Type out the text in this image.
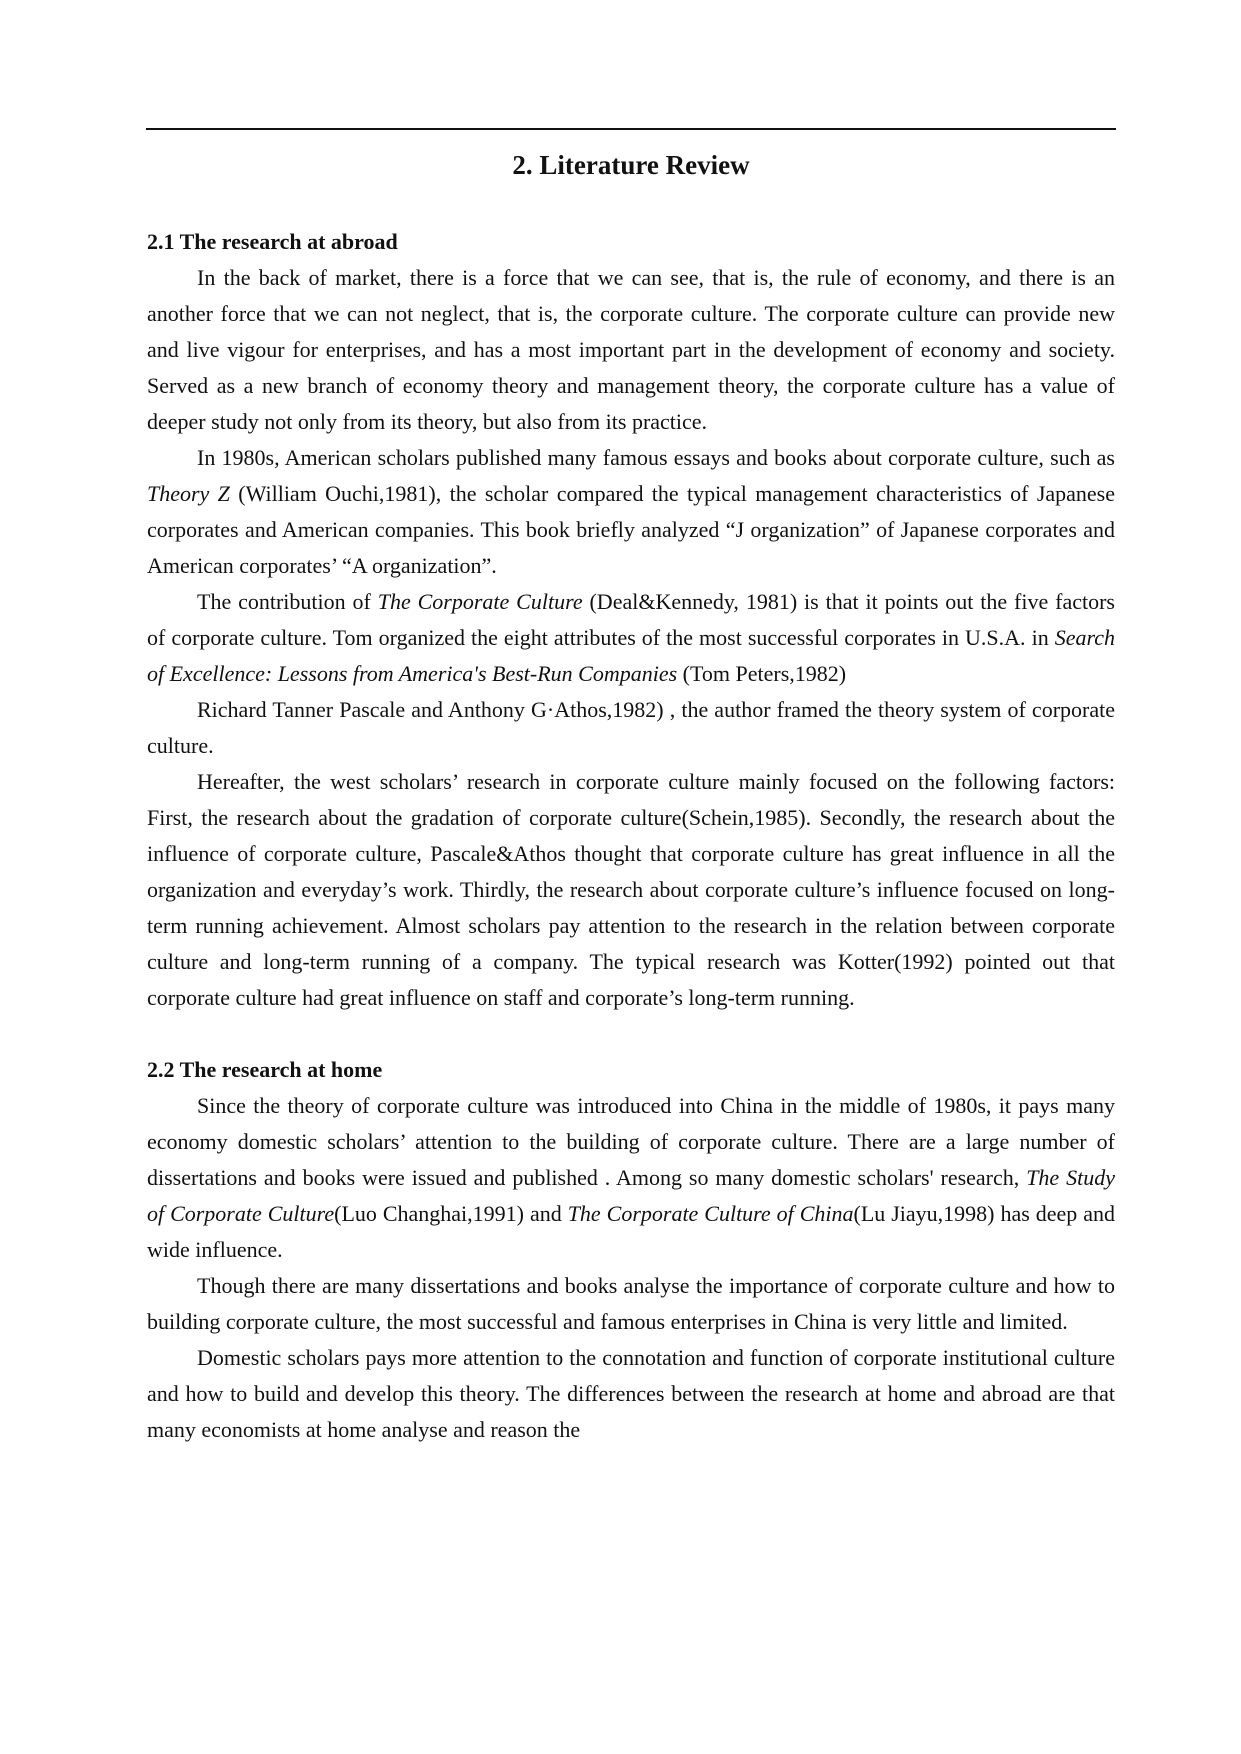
2. Literature Review
2.1 The research at abroad

In the back of market, there is a force that we can see, that is, the rule of economy, and there is an another force that we can not neglect, that is, the corporate culture. The corporate culture can provide new and live vigour for enterprises, and has a most important part in the development of economy and society. Served as a new branch of economy theory and management theory, the corporate culture has a value of deeper study not only from its theory, but also from its practice.

In 1980s, American scholars published many famous essays and books about corporate culture, such as Theory Z (William Ouchi,1981), the scholar compared the typical management characteristics of Japanese corporates and American companies. This book briefly analyzed “J organization” of Japanese corporates and American corporates’ “A organization”.

The contribution of The Corporate Culture (Deal&Kennedy, 1981) is that it points out the five factors of corporate culture. Tom organized the eight attributes of the most successful corporates in U.S.A. in Search of Excellence: Lessons from America's Best-Run Companies (Tom Peters,1982)

Richard Tanner Pascale and Anthony G·Athos,1982) , the author framed the theory system of corporate culture.

Hereafter, the west scholars’ research in corporate culture mainly focused on the following factors: First, the research about the gradation of corporate culture(Schein,1985). Secondly, the research about the influence of corporate culture, Pascale&Athos thought that corporate culture has great influence in all the organization and everyday’s work. Thirdly, the research about corporate culture’s influence focused on long-term running achievement. Almost scholars pay attention to the research in the relation between corporate culture and long-term running of a company. The typical research was Kotter(1992) pointed out that corporate culture had great influence on staff and corporate’s long-term running.

2.2 The research at home

Since the theory of corporate culture was introduced into China in the middle of 1980s, it pays many economy domestic scholars’ attention to the building of corporate culture. There are a large number of dissertations and books were issued and published . Among so many domestic scholars' research, The Study of Corporate Culture(Luo Changhai,1991) and The Corporate Culture of China(Lu Jiayu,1998) has deep and wide influence.

Though there are many dissertations and books analyse the importance of corporate culture and how to building corporate culture, the most successful and famous enterprises in China is very little and limited.

Domestic scholars pays more attention to the connotation and function of corporate institutional culture and how to build and develop this theory. The differences between the research at home and abroad are that many economists at home analyse and reason the
